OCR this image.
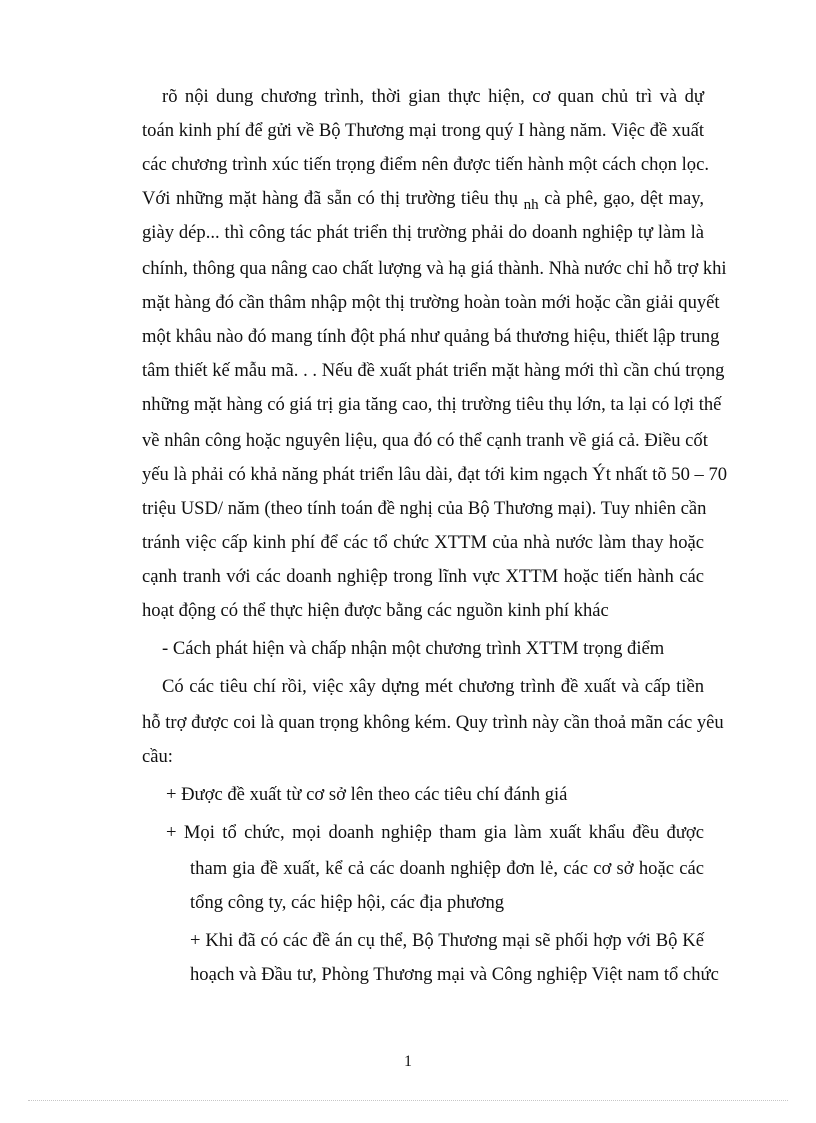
rõ nội dung chương trình, thời gian thực hiện, cơ quan chủ trì và dự
toán kinh phí để gửi về Bộ Thương mại trong quý I hàng năm. Việc đề xuất
các chương trình xúc tiến trọng điểm nên được tiến hành một cách chọn lọc.
Với những mặt hàng đã sẵn có thị trường tiêu thụ $_{nh}$ cà phê, gạo, dệt may,
giày dép... thì công tác phát triển thị trường phải do doanh nghiệp tự làm là
chính, thông qua nâng cao chất lượng và hạ giá thành. Nhà nước chỉ hỗ trợ khi
mặt hàng đó cần thâm nhập một thị trường hoàn toàn mới hoặc cần giải quyết
một khâu nào đó mang tính đột phá như quảng bá thương hiệu, thiết lập trung
tâm thiết kế mẫu mã. . . Nếu đề xuất phát triển mặt hàng mới thì cần chú trọng
những mặt hàng có giá trị gia tăng cao, thị trường tiêu thụ lớn, ta lại có lợi thế
về nhân công hoặc nguyên liệu, qua đó có thể cạnh tranh về giá cả. Điều cốt
yếu là phải có khả năng phát triển lâu dài, đạt tới kim ngạch Ýt nhất tõ 50 – 70
triệu USD/ năm (theo tính toán đề nghị của Bộ Thương mại). Tuy nhiên cần
tránh việc cấp kinh phí để các tổ chức XTTM của nhà nước làm thay hoặc
cạnh tranh với các doanh nghiệp trong lĩnh vực XTTM hoặc tiến hành các
hoạt động có thể thực hiện được bằng các nguồn kinh phí khác
- Cách phát hiện và chấp nhận một chương trình XTTM trọng điểm
Có các tiêu chí rồi, việc xây dựng mét chương trình đề xuất và cấp tiền
hỗ trợ được coi là quan trọng không kém. Quy trình này cần thoả mãn các yêu
cầu:
+ Được đề xuất từ cơ sở lên theo các tiêu chí đánh giá
+ Mọi tổ chức, mọi doanh nghiệp tham gia làm xuất khẩu đều được
tham gia đề xuất, kể cả các doanh nghiệp đơn lẻ, các cơ sở hoặc các
tổng công ty, các hiệp hội, các địa phương
+ Khi đã có các đề án cụ thể, Bộ Thương mại sẽ phối hợp với Bộ Kế
hoạch và Đầu tư, Phòng Thương mại và Công nghiệp Việt nam tổ chức
1
